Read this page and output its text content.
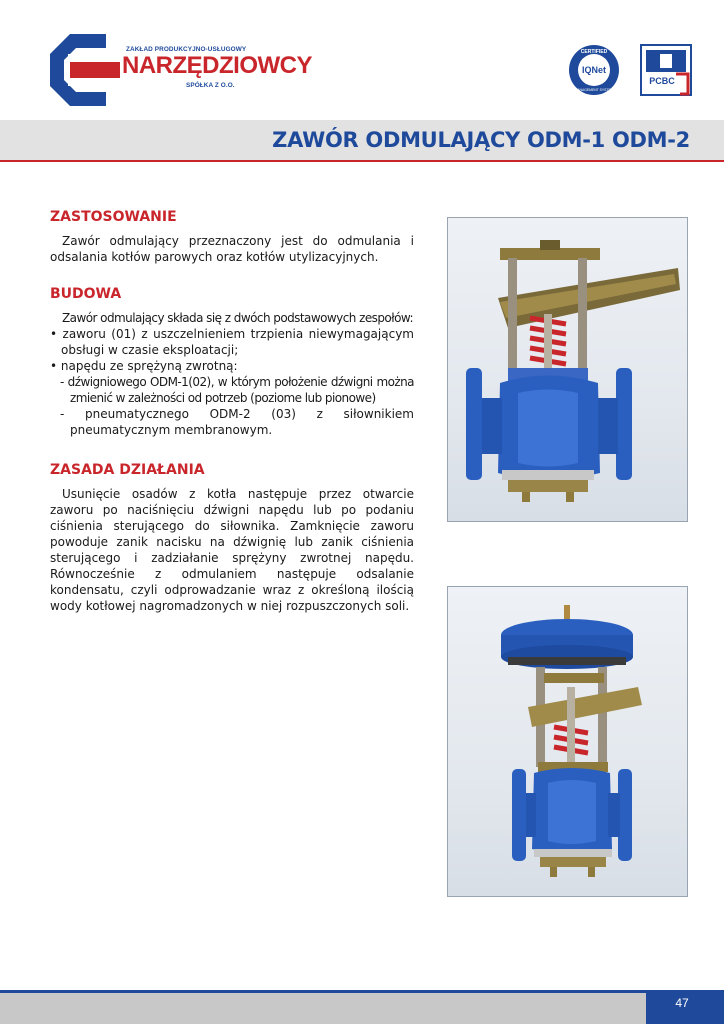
ZAKŁAD PRODUKCYJNO-USŁUGOWY
NARZĘDZIOWCY
SPÓŁKA Z O.O.
CERTIFIED
IQNet
MANAGEMENT SYSTEM
PCBC
ZAWÓR ODMULAJĄCY ODM-1 ODM-2
ZASTOSOWANIE

Zawór odmulający przeznaczony jest do odmulania i odsalania kotłów parowych oraz kotłów utylizacyjnych.

BUDOWA

Zawór odmulający składa się z dwóch podstawowych zespołów:

• zaworu (01) z uszczelnieniem trzpienia niewymagającym obsługi w czasie eksploatacji;

• napędu ze sprężyną zwrotną:

- dźwigniowego ODM-1(02), w którym położenie dźwigni można zmienić w zależności od potrzeb (poziome lub pionowe)

- pneumatycznego ODM-2 (03) z siłownikiem pneumatycznym membranowym.

ZASADA DZIAŁANIA

Usunięcie osadów z kotła następuje przez otwarcie zaworu po naciśnięciu dźwigni napędu lub po podaniu ciśnienia sterującego do siłownika. Zamknięcie zaworu powoduje zanik nacisku na dźwignię lub zanik ciśnienia sterującego i zadziałanie sprężyny zwrotnej napędu. Równocześnie z odmulaniem następuje odsalanie kondensatu, czyli odprowadzanie wraz z określoną ilością wody kotłowej nagromadzonych w niej rozpuszczonych soli.

47
